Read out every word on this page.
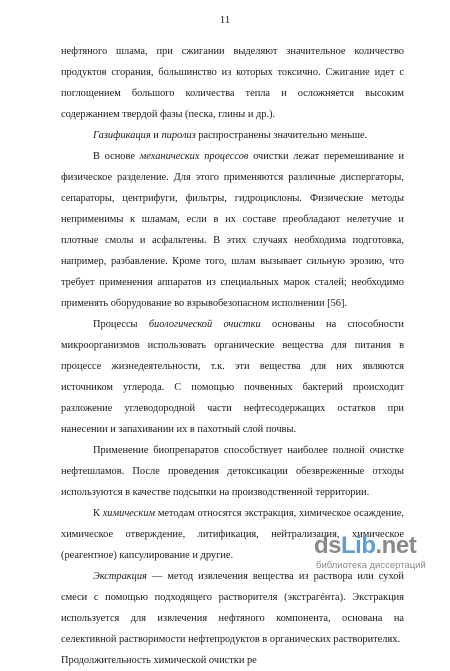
11

нефтяного шлама, при сжигании выделяют значительное количество продуктов сгорания, большинство из которых токсично. Сжигание идет с поглощением большого количества тепла и осложняется высоким содержанием твердой фазы (песка, глины и др.).

Газификация и пиролиз распространены значительно меньше.

В основе механических процессов очистки лежат перемешивание и физическое разделение. Для этого применяются различные диспергаторы, сепараторы, центрифуги, фильтры, гидроциклоны. Физические методы неприменимы к шламам, если в их составе преобладают нелетучие и плотные смолы и асфальтены. В этих случаях необходима подготовка, например, разбавление. Кроме того, шлам вызывает сильную эрозию, что требует применения аппаратов из специальных марок сталей; необходимо применять оборудование во взрывобезопасном исполнении [56].

Процессы биологической очистки основаны на способности микроорганизмов использовать органические вещества для питания в процессе жизнедеятельности, т.к. эти вещества для них являются источником углерода. С помощью почвенных бактерий происходит разложение углеводородной части нефтесодержащих остатков при нанесении и запахивании их в пахотный слой почвы.

Применение биопрепаратов способствует наиболее полной очистке нефтешламов. После проведения детоксикации обезвреженные отходы используются в качестве подсыпки на производственной территории.

К химическим методам относятся экстракция, химическое осаждение, химическое отверждение, литификация, нейтрализация, химическое (реагентное) капсулирование и другие.

Экстракция — метод извлечения вещества из раствора или сухой смеси с помощью подходящего растворителя (экстрагéнта). Экстракция используется для извлечения нефтяного компонента, основана на селективной растворимости нефтепродуктов в органических растворителях.

Продолжительность химической очистки ре

dsLib.net
библиотека диссертаций
